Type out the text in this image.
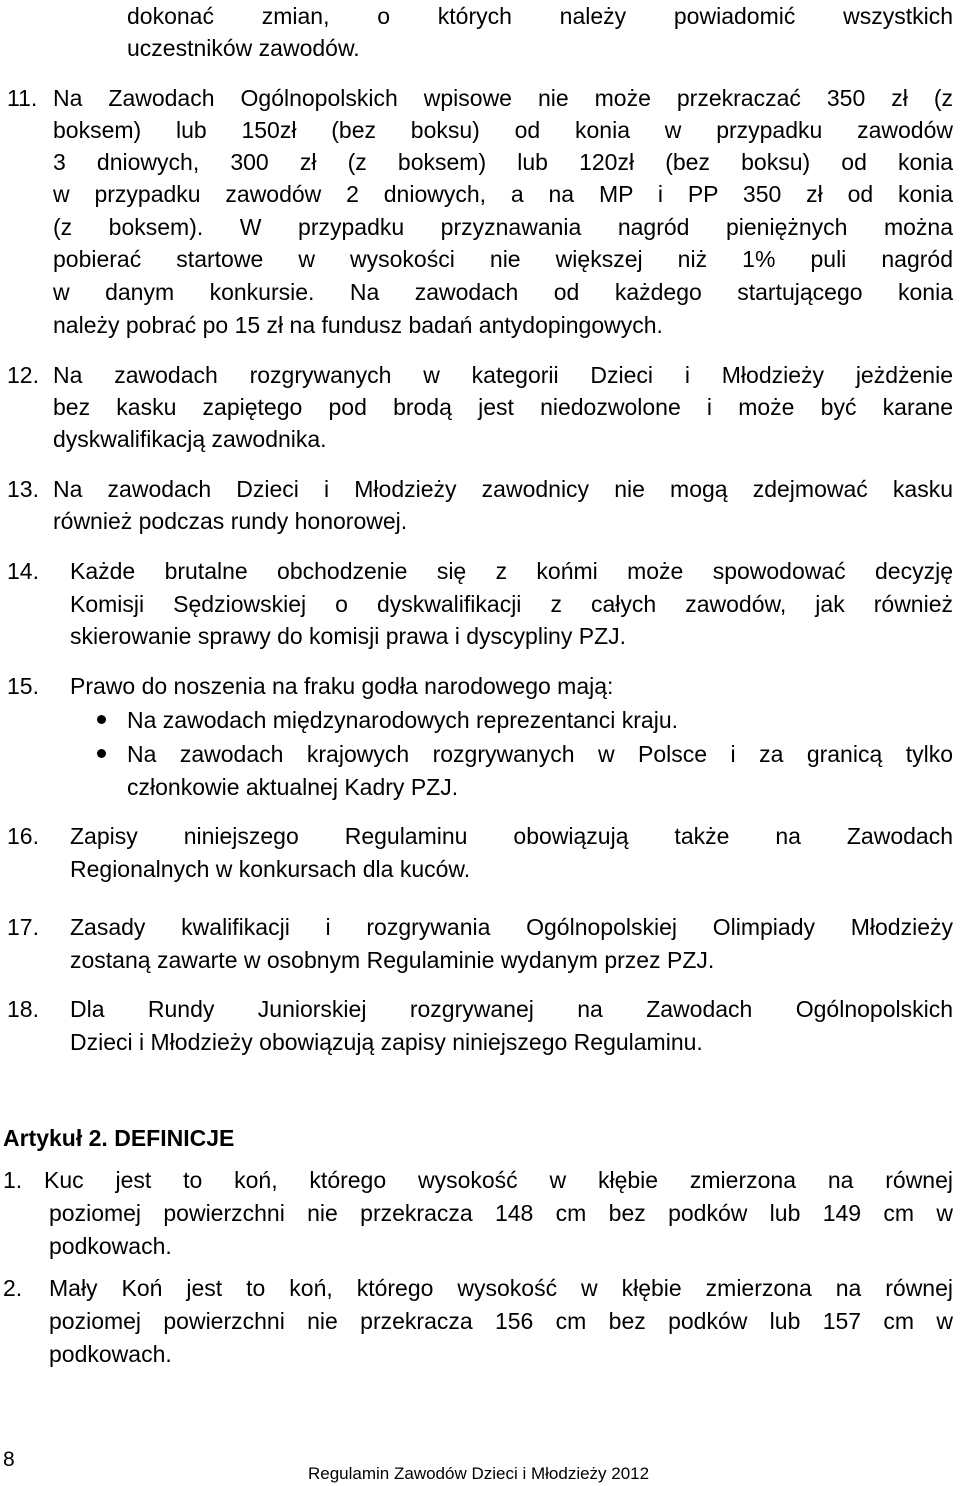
dokonać zmian, o których należy powiadomić wszystkich
uczestników zawodów.
11. Na Zawodach Ogólnopolskich wpisowe nie może przekraczać 350 zł (z
boksem) lub 150zł (bez boksu) od konia w przypadku zawodów
3 dniowych, 300 zł (z boksem) lub 120zł (bez boksu) od konia
w przypadku zawodów 2 dniowych, a na MP i PP 350 zł od konia
(z boksem). W przypadku przyznawania nagród pieniężnych można
pobierać startowe w wysokości nie większej niż 1% puli nagród
w danym konkursie. Na zawodach od każdego startującego konia
należy pobrać po 15 zł na fundusz badań antydopingowych.
12. Na zawodach rozgrywanych w kategorii Dzieci i Młodzieży jeżdżenie
bez kasku zapiętego pod brodą jest niedozwolone i może być karane
dyskwalifikacją zawodnika.
13. Na zawodach Dzieci i Młodzieży zawodnicy nie mogą zdejmować kasku
również podczas rundy honorowej.
14. Każde brutalne obchodzenie się z końmi może spowodować decyzję
Komisji Sędziowskiej o dyskwalifikacji z całych zawodów, jak również
skierowanie sprawy do komisji prawa i dyscypliny PZJ.
15. Prawo do noszenia na fraku godła narodowego mają:
Na zawodach międzynarodowych reprezentanci kraju.
Na zawodach krajowych rozgrywanych w Polsce i za granicą tylko
członkowie aktualnej Kadry PZJ.
16. Zapisy niniejszego Regulaminu obowiązują także na Zawodach
Regionalnych w konkursach dla kuców.
17. Zasady kwalifikacji i rozgrywania Ogólnopolskiej Olimpiady Młodzieży
zostaną zawarte w osobnym Regulaminie wydanym przez PZJ.
18. Dla Rundy Juniorskiej rozgrywanej na Zawodach Ogólnopolskich
Dzieci i Młodzieży obowiązują zapisy niniejszego Regulaminu.
Artykuł 2. DEFINICJE
1. Kuc jest to koń, którego wysokość w kłębie zmierzona na równej
poziomej powierzchni nie przekracza 148 cm bez podków lub 149 cm w
podkowach.
2. Mały Koń jest to koń, którego wysokość w kłębie zmierzona na równej
poziomej powierzchni nie przekracza 156 cm bez podków lub 157 cm w
podkowach.
8
Regulamin Zawodów Dzieci i Młodzieży 2012
